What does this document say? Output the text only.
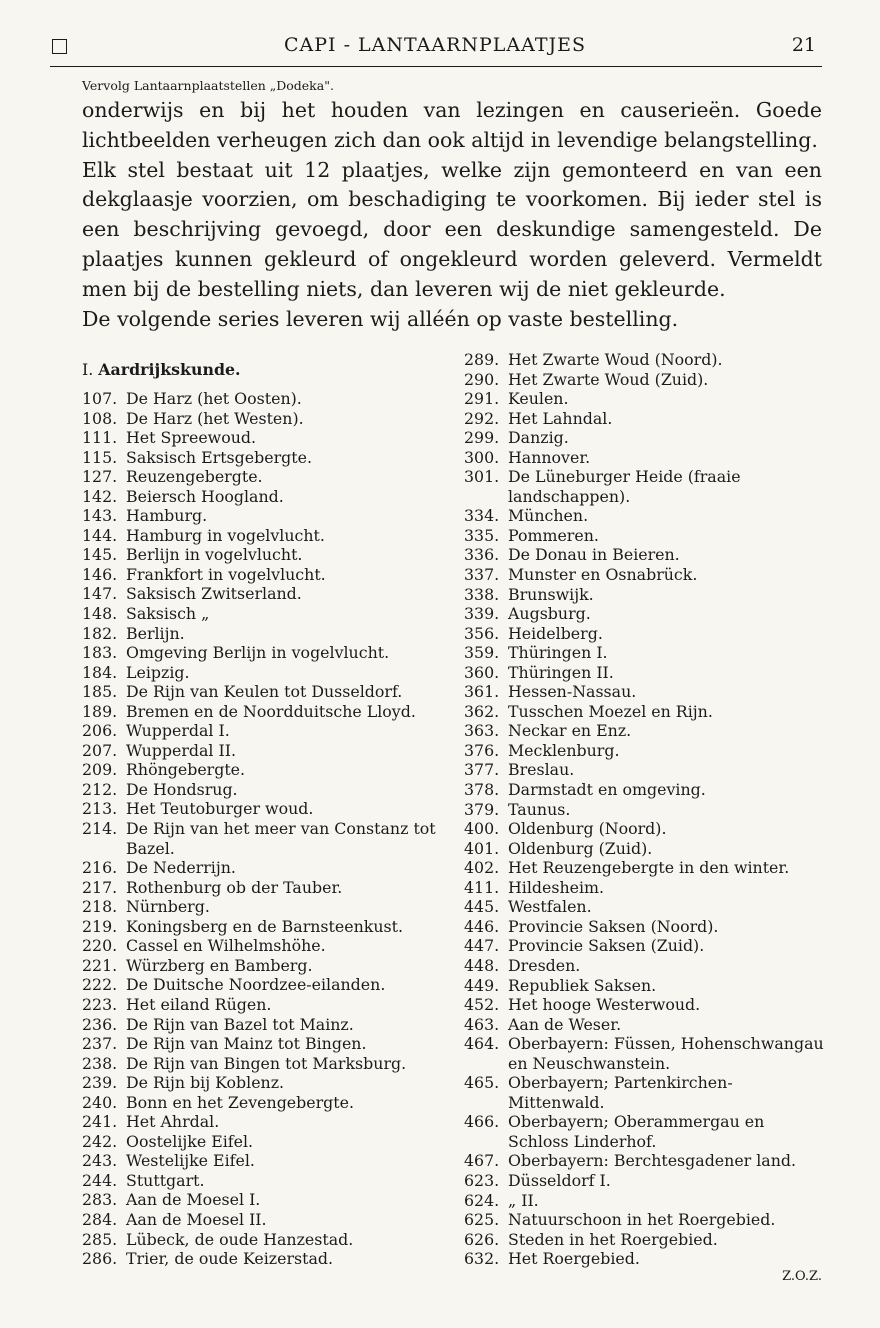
CAPI - LANTAARNPLAATJES	21
Vervolg Lantaarnplaatstellen „Dodeka".

onderwijs en bij het houden van lezingen en causerieën. Goede lichtbeelden verheugen zich dan ook altijd in levendige belangstelling.

Elk stel bestaat uit 12 plaatjes, welke zijn gemonteerd en van een dekglaasje voorzien, om beschadiging te voorkomen. Bij ieder stel is een beschrijving gevoegd, door een deskundige samengesteld. De plaatjes kunnen gekleurd of ongekleurd worden geleverd. Vermeldt men bij de bestelling niets, dan leveren wij de niet gekleurde.

De volgende series leveren wij alléén op vaste bestelling.

I. Aardrijkskunde.
107. De Harz (het Oosten).
108. De Harz (het Westen).
111. Het Spreewoud.
115. Saksisch Ertsgebergte.
127. Reuzengebergte.
142. Beiersch Hoogland.
143. Hamburg.
144. Hamburg in vogelvlucht.
145. Berlijn in vogelvlucht.
146. Frankfort in vogelvlucht.
147. Saksisch Zwitserland.
148. Saksisch „
182. Berlijn.
183. Omgeving Berlijn in vogelvlucht.
184. Leipzig.
185. De Rijn van Keulen tot Dusseldorf.
189. Bremen en de Noordduitsche Lloyd.
206. Wupperdal I.
207. Wupperdal II.
209. Rhöngebergte.
212. De Hondsrug.
213. Het Teutoburger woud.
214. De Rijn van het meer van Constanz tot Bazel.
216. De Nederrijn.
217. Rothenburg ob der Tauber.
218. Nürnberg.
219. Koningsberg en de Barnsteenkust.
220. Cassel en Wilhelmshöhe.
221. Würzberg en Bamberg.
222. De Duitsche Noordzee-eilanden.
223. Het eiland Rügen.
236. De Rijn van Bazel tot Mainz.
237. De Rijn van Mainz tot Bingen.
238. De Rijn van Bingen tot Marksburg.
239. De Rijn bij Koblenz.
240. Bonn en het Zevengebergte.
241. Het Ahrdal.
242. Oostelijke Eifel.
243. Westelijke Eifel.
244. Stuttgart.
283. Aan de Moesel I.
284. Aan de Moesel II.
285. Lübeck, de oude Hanzestad.
286. Trier, de oude Keizerstad.
289. Het Zwarte Woud (Noord).
290. Het Zwarte Woud (Zuid).
291. Keulen.
292. Het Lahndal.
299. Danzig.
300. Hannover.
301. De Lüneburger Heide (fraaie landschappen).
334. München.
335. Pommeren.
336. De Donau in Beieren.
337. Munster en Osnabrück.
338. Brunswijk.
339. Augsburg.
356. Heidelberg.
359. Thüringen I.
360. Thüringen II.
361. Hessen-Nassau.
362. Tusschen Moezel en Rijn.
363. Neckar en Enz.
376. Mecklenburg.
377. Breslau.
378. Darmstadt en omgeving.
379. Taunus.
400. Oldenburg (Noord).
401. Oldenburg (Zuid).
402. Het Reuzengebergte in den winter.
411. Hildesheim.
445. Westfalen.
446. Provincie Saksen (Noord).
447. Provincie Saksen (Zuid).
448. Dresden.
449. Republiek Saksen.
452. Het hooge Westerwoud.
463. Aan de Weser.
464. Oberbayern: Füssen, Hohenschwangau en Neuschwanstein.
465. Oberbayern; Partenkirchen-Mittenwald.
466. Oberbayern; Oberammergau en Schloss Linderhof.
467. Oberbayern: Berchtesgadener land.
623. Düsseldorf I.
624. „ II.
625. Natuurschoon in het Roergebied.
626. Steden in het Roergebied.
632. Het Roergebied.
Z.O.Z.
